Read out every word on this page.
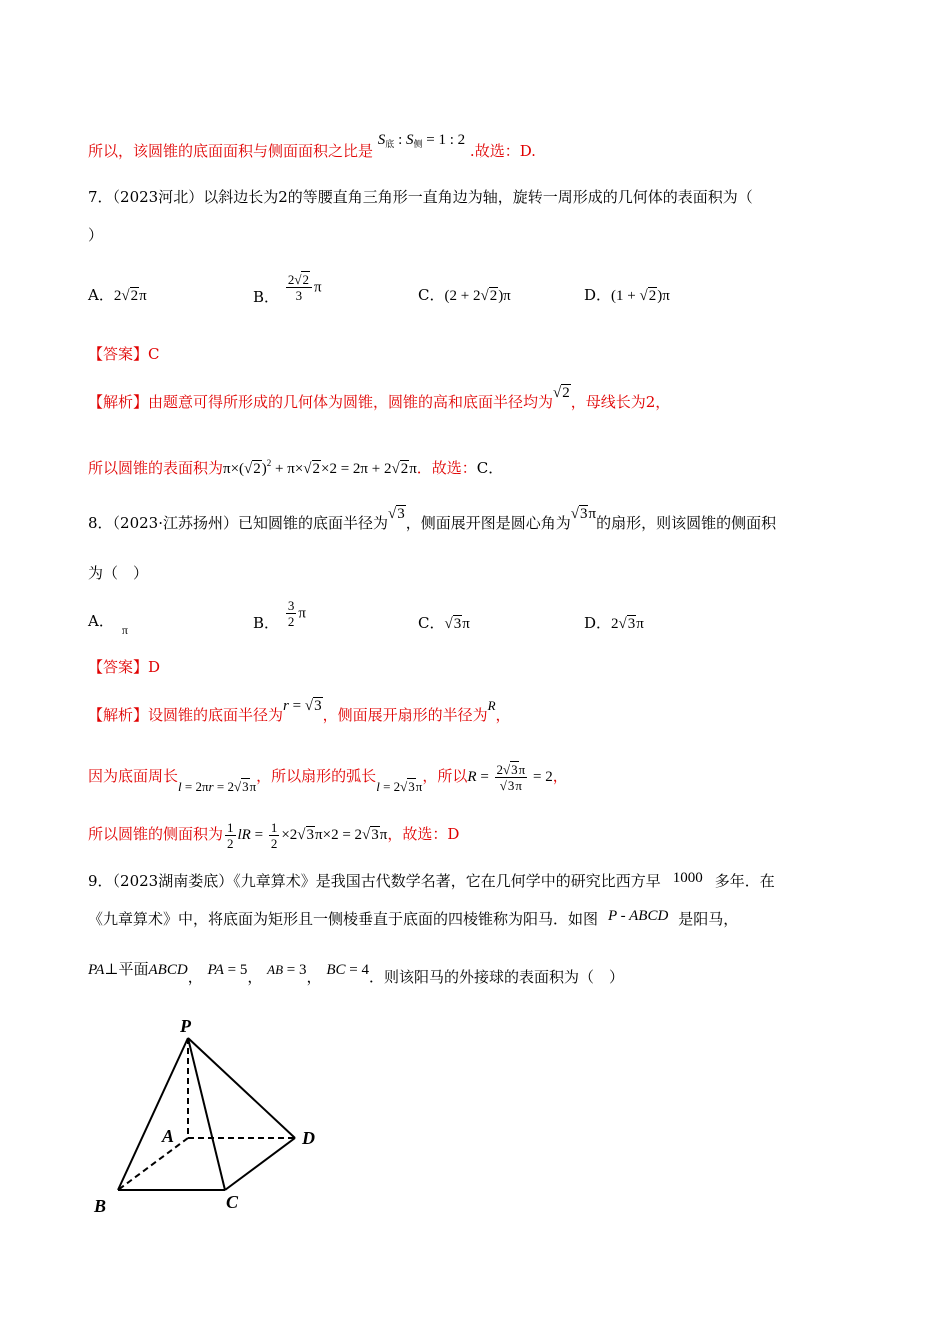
所以，该圆锥的底面面积与侧面面积之比是 $S_底$ : $S_侧 = 1$ : 2 .故选：D.
7．（2023河北）以斜边长为2的等腰直角三角形一直角边为轴，旋转一周形成的几何体的表面积为（
）
A．2√2π	B． $\frac{2√2}{3}$ π	C．(2 + 2√2)π	D．(1 + √2)π
【答案】C
【解析】由题意可得所形成的几何体为圆锥，圆锥的高和底面半径均为√2，母线长为2，
所以圆锥的表面积为$\pi\times(√2)^2 + \pi\times√2\times 2 = 2\pi + 2√2\pi$．故选：C．
8．（2023·江苏扬州）已知圆锥的底面半径为√3，侧面展开图是圆心角为√3π的扇形，则该圆锥的侧面积
为（　）
A． $_\pi$	B． $\frac{3}{2}$ π
C．√3π	D．2√3π
【答案】D
【解析】设圆锥的底面半径为r = √3，侧面展开扇形的半径为R，
因为底面周长l = 2πr = 2√3π，所以扇形的弧长l = 2√3π，所以$R = \frac{2√3\pi}{√3\pi} = 2$，
所以圆锥的侧面积为 $\frac{1}{2}$ lR = $\frac{1}{2} \times 2√3\pi\times 2 = 2√3\pi$，故选：D
9．（2023湖南娄底）《九章算术》是我国古代数学名著，它在几何学中的研究比西方早 1000 多年．在
《九章算术》中，将底面为矩形且一侧棱垂直于底面的四棱锥称为阳马．如图 P - ABCD 是阳马，
PA⊥平面ABCD， PA = 5， AB = 3， BC = 4．则该阳马的外接球的表面积为（　）
P
A
B	C
D
